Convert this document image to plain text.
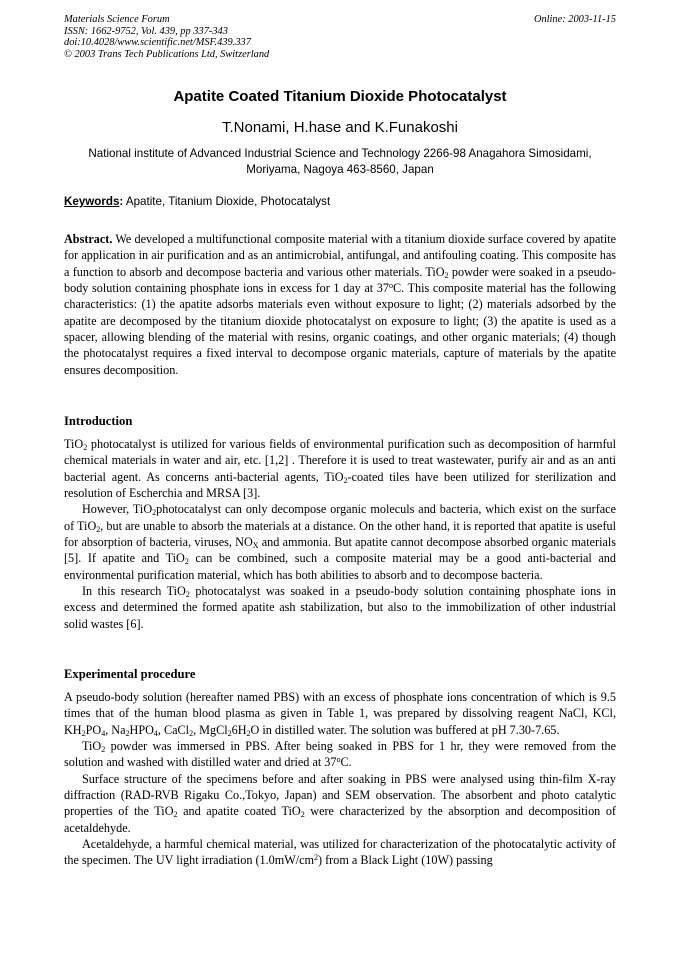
Materials Science Forum
ISSN: 1662-9752, Vol. 439, pp 337-343
doi:10.4028/www.scientific.net/MSF.439.337
© 2003 Trans Tech Publications Ltd, Switzerland
Online: 2003-11-15
Apatite Coated Titanium Dioxide Photocatalyst
T.Nonami, H.hase and K.Funakoshi
National institute of Advanced Industrial Science and Technology 2266-98 Anagahora Simosidami,
Moriyama, Nagoya 463-8560, Japan
Keywords: Apatite, Titanium Dioxide, Photocatalyst

Abstract. We developed a multifunctional composite material with a titanium dioxide surface covered by apatite for application in air purification and as an antimicrobial, antifungal, and antifouling coating. This composite has a function to absorb and decompose bacteria and various other materials. TiO$_2$ powder were soaked in a pseudo- body solution containing phosphate ions in excess for 1 day at 37$^o$C. This composite material has the following characteristics: (1) the apatite adsorbs materials even without exposure to light; (2) materials adsorbed by the apatite are decomposed by the titanium dioxide photocatalyst on exposure to light; (3) the apatite is used as a spacer, allowing blending of the material with resins, organic coatings, and other organic materials; (4) though the photocatalyst requires a fixed interval to decompose organic materials, capture of materials by the apatite ensures decomposition.

Introduction

TiO$_2$ photocatalyst is utilized for various fields of environmental purification such as decomposition of harmful chemical materials in water and air, etc. [1,2] . Therefore it is used to treat wastewater, purify air and as an anti bacterial agent. As concerns anti-bacterial agents, TiO$_2$-coated tiles have been utilized for sterilization and resolution of Escherchia and MRSA [3].

However, TiO$_2$photocatalyst can only decompose organic moleculs and bacteria, which exist on the surface of TiO$_2$, but are unable to absorb the materials at a distance. On the other hand, it is reported that apatite is useful for absorption of bacteria, viruses, $NO_X$ and ammonia. But apatite cannot decompose absorbed organic materials [5]. If apatite and TiO$_2$ can be combined, such a composite material may be a good anti-bacterial and environmental purification material, which has both abilities to absorb and to decompose bacteria.

In this research TiO$_2$ photocatalyst was soaked in a pseudo-body solution containing phosphate ions in excess and determined the formed apatite ash stabilization, but also to the immobilization of other industrial solid wastes [6].

Experimental procedure

A pseudo-body solution (hereafter named PBS) with an excess of phosphate ions concentration of which is 9.5 times that of the human blood plasma as given in Table 1, was prepared by dissolving reagent NaCl, KCl, $KH_2PO_4$, $Na_2HPO_4$, CaCl$_2$, $MgCl_26H_2O$ in distilled water. The solution was buffered at pH 7.30-7.65.

TiO$_2$ powder was immersed in PBS. After being soaked in PBS for 1 hr, they were removed from the solution and washed with distilled water and dried at 37$^o$C.

Surface structure of the specimens before and after soaking in PBS were analysed using thin-film X-ray diffraction (RAD-RVB Rigaku Co.,Tokyo, Japan) and SEM observation. The absorbent and photo catalytic properties of the TiO$_2$ and apatite coated TiO$_2$ were characterized by the absorption and decomposition of acetaldehyde.

Acetaldehyde, a harmful chemical material, was utilized for characterization of the photocatalytic activity of the specimen. The UV light irradiation $(1.0mW/cm^2)$ from a Black Light (10W) passing
